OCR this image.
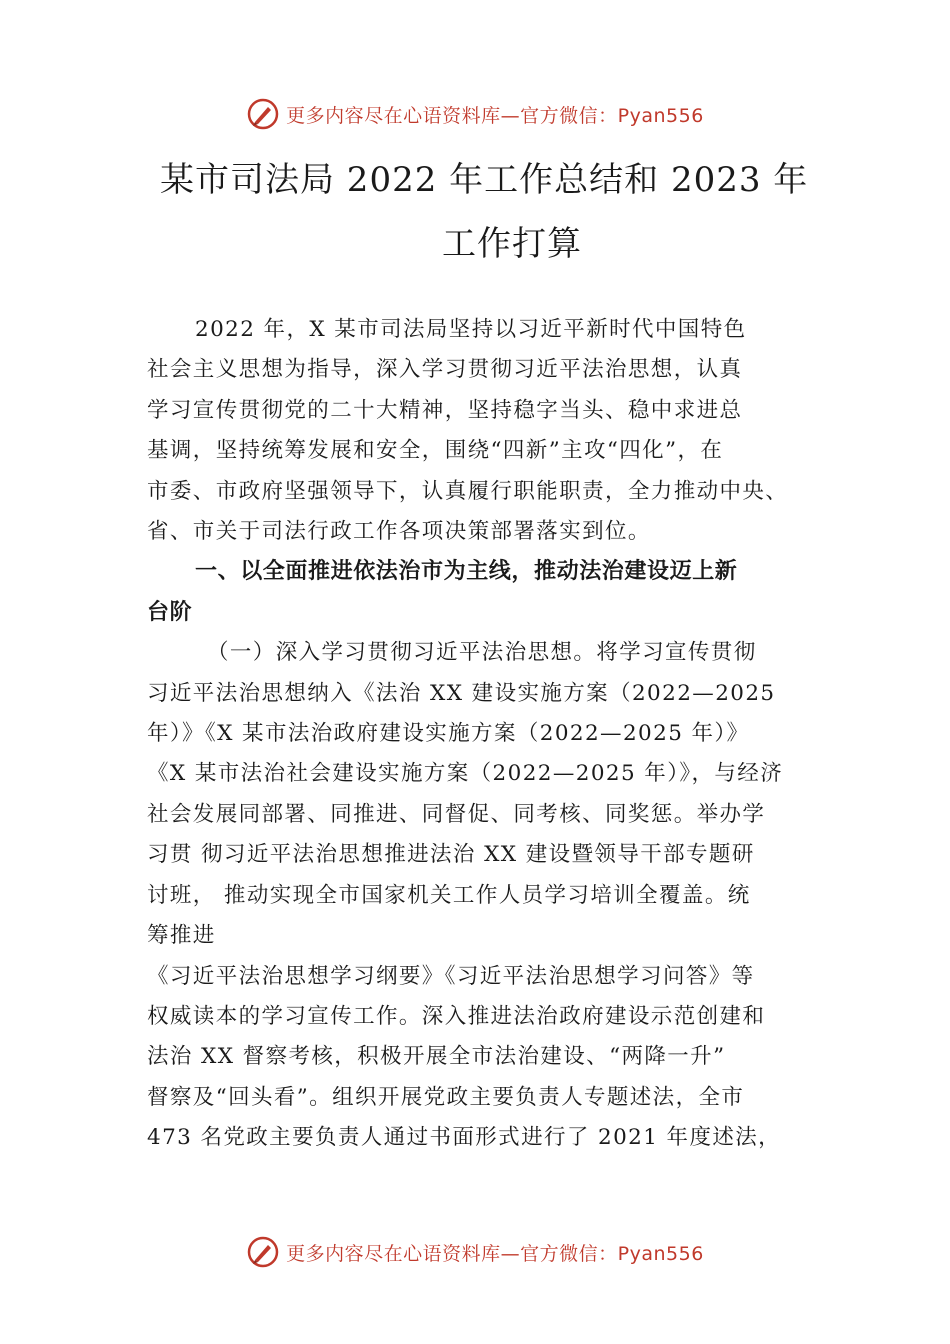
更多内容尽在心语资料库—官方微信：Pyan556
某市司法局 2022 年工作总结和 2023 年
工作打算

2022 年，X 某市司法局坚持以习近平新时代中国特色
社会主义思想为指导，深入学习贯彻习近平法治思想，认真
学习宣传贯彻党的二十大精神，坚持稳字当头、稳中求进总
基调，坚持统筹发展和安全，围绕“四新”主攻“四化”，在
市委、市政府坚强领导下，认真履行职能职责，全力推动中央、
省、市关于司法行政工作各项决策部署落实到位。

一、以全面推进依法治市为主线，推动法治建设迈上新
台阶

（一）深入学习贯彻习近平法治思想。将学习宣传贯彻
习近平法治思想纳入《法治 XX 建设实施方案（2022—2025
年）》《X 某市法治政府建设实施方案（2022—2025 年）》
《X 某市法治社会建设实施方案（2022—2025 年）》，与经济
社会发展同部署、同推进、同督促、同考核、同奖惩。举办学
习贯 彻习近平法治思想推进法治 XX 建设暨领导干部专题研
讨班， 推动实现全市国家机关工作人员学习培训全覆盖。统
筹推进
《习近平法治思想学习纲要》《习近平法治思想学习问答》等
权威读本的学习宣传工作。深入推进法治政府建设示范创建和
法治 XX 督察考核，积极开展全市法治建设、“两降一升”
督察及“回头看”。组织开展党政主要负责人专题述法，全市
473 名党政主要负责人通过书面形式进行了 2021 年度述法，

更多内容尽在心语资料库—官方微信：Pyan556
